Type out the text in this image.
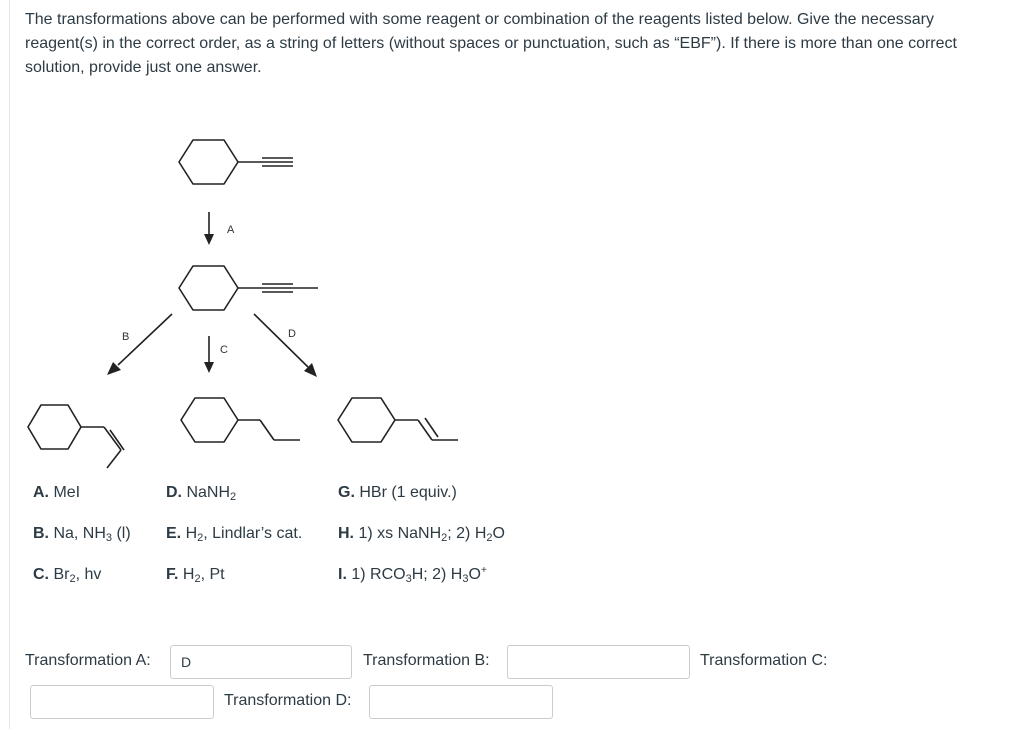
The transformations above can be performed with some reagent or combination of the reagents listed below. Give the necessary reagent(s) in the correct order, as a string of letters (without spaces or punctuation, such as “EBF”). If there is more than one correct solution, provide just one answer.
A
B
C
D
A. MeI
B. Na, $NH_3$ (l)
C. $Br_2$, hv
D. NaNH$_2$
E. $H_2$, Lindlar’s cat.
F. $H_2$, Pt
G. HBr (1 equiv.)
H. 1) xs NaNH$_2$; 2) $H_2O$
I. 1) $RCO_3H$; 2) $H_3O^+$
Transformation A:
D	Transformation B:	Transformation C:
Transformation D:
